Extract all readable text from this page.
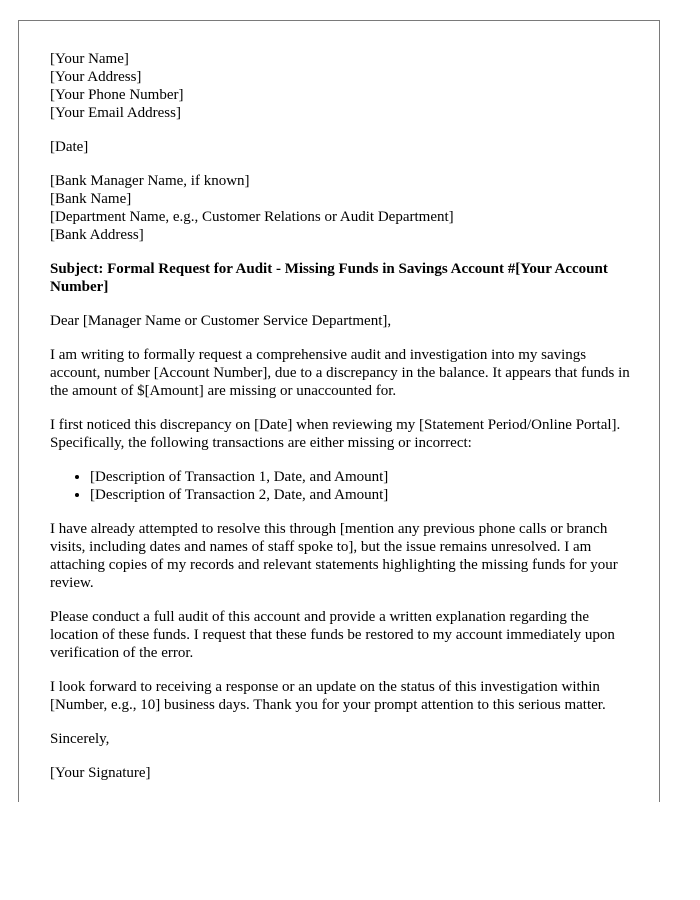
[Your Name]
[Your Address]
[Your Phone Number]
[Your Email Address]
[Date]
[Bank Manager Name, if known]
[Bank Name]
[Department Name, e.g., Customer Relations or Audit Department]
[Bank Address]

Subject: Formal Request for Audit - Missing Funds in Savings Account #[Your Account Number]

Dear [Manager Name or Customer Service Department],

I am writing to formally request a comprehensive audit and investigation into my savings account, number [Account Number], due to a discrepancy in the balance. It appears that funds in the amount of $[Amount] are missing or unaccounted for.

I first noticed this discrepancy on [Date] when reviewing my [Statement Period/Online Portal]. Specifically, the following transactions are either missing or incorrect:

• [Description of Transaction 1, Date, and Amount]
• [Description of Transaction 2, Date, and Amount]

I have already attempted to resolve this through [mention any previous phone calls or branch visits, including dates and names of staff spoke to], but the issue remains unresolved. I am attaching copies of my records and relevant statements highlighting the missing funds for your review.

Please conduct a full audit of this account and provide a written explanation regarding the location of these funds. I request that these funds be restored to my account immediately upon verification of the error.

I look forward to receiving a response or an update on the status of this investigation within [Number, e.g., 10] business days. Thank you for your prompt attention to this serious matter.

Sincerely,

[Your Signature]
